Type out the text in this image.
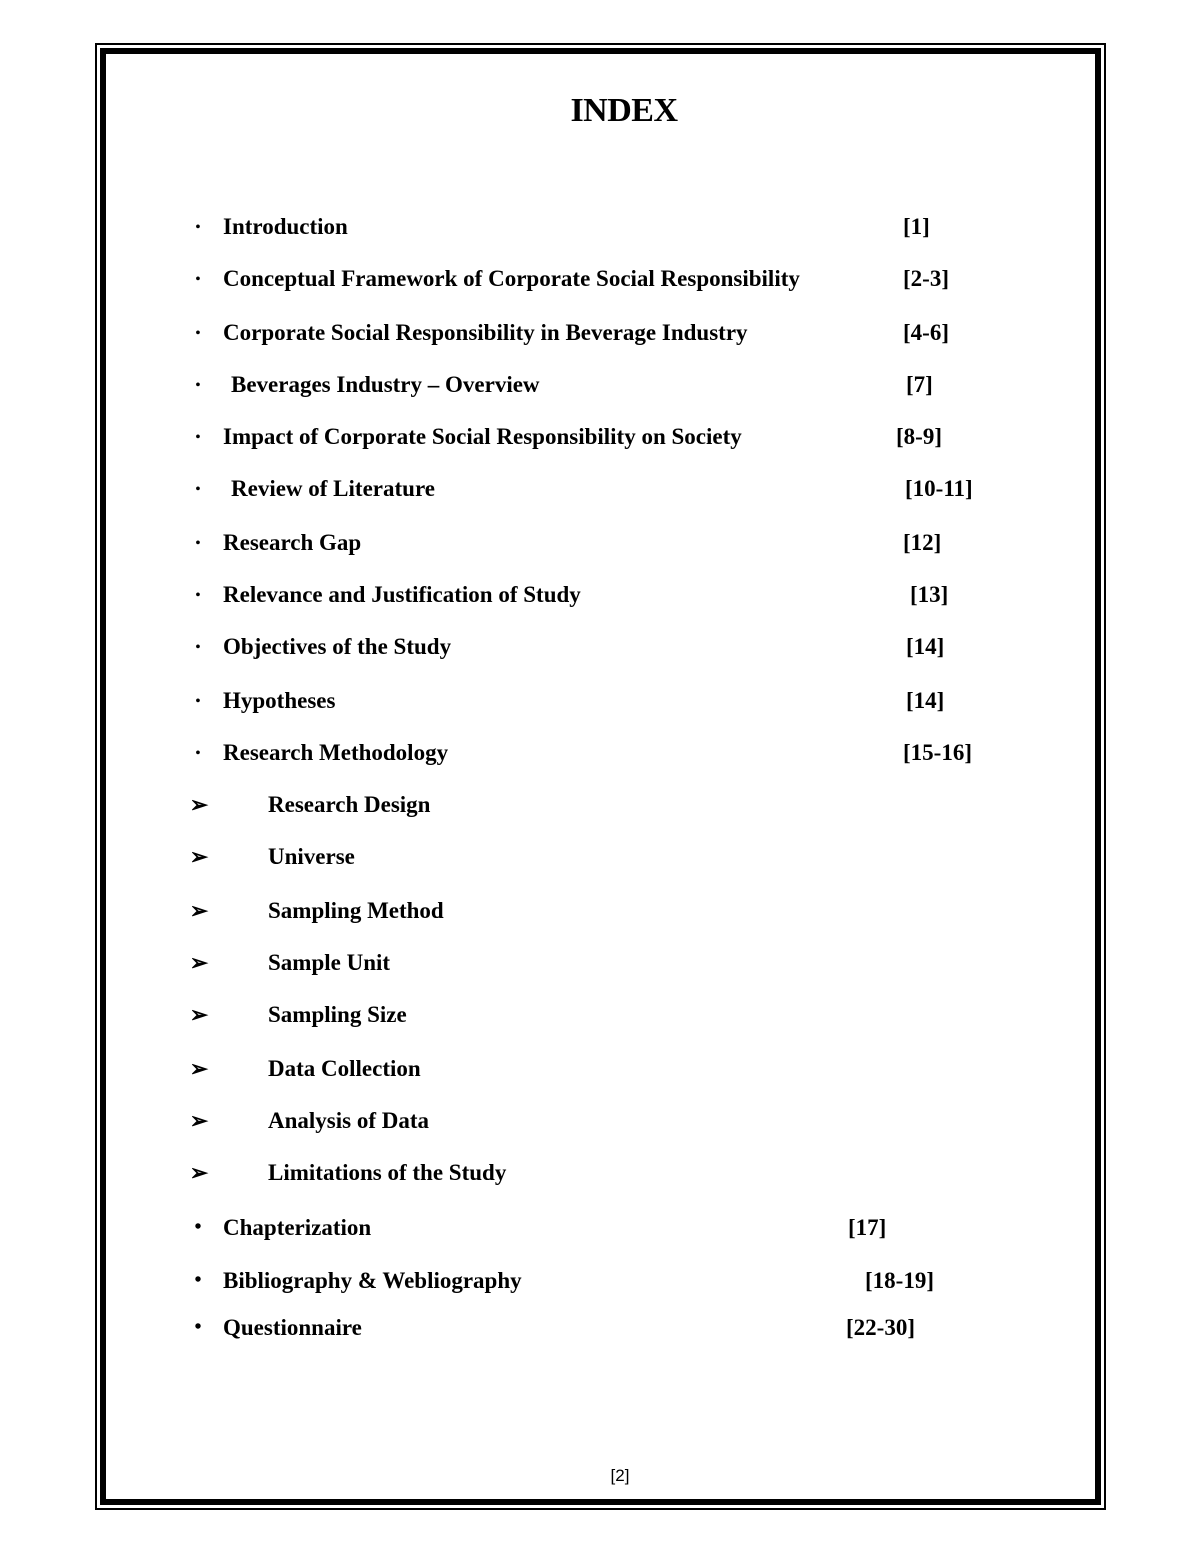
INDEX
• Introduction	[1]
• Conceptual Framework of Corporate Social Responsibility	[2-3]
• Corporate Social Responsibility in Beverage Industry	[4-6]
•	Beverages Industry – Overview	[7]
• Impact of Corporate Social Responsibility on Society	[8-9]
•	Review of Literature	[10-11]
• Research Gap	[12]
• Relevance and Justification of Study	[13]
• Objectives of the Study	[14]
• Hypotheses	[14]
• Research Methodology	[15-16]
➢	Research Design
➢	Universe
➢	Sampling Method
➢	Sample Unit
➢	Sampling Size
➢	Data Collection
➢	Analysis of Data
➢	Limitations of the Study
• Chapterization	[17]
• Bibliography & Webliography	[18-19]
• Questionnaire	[22-30]
[2]
